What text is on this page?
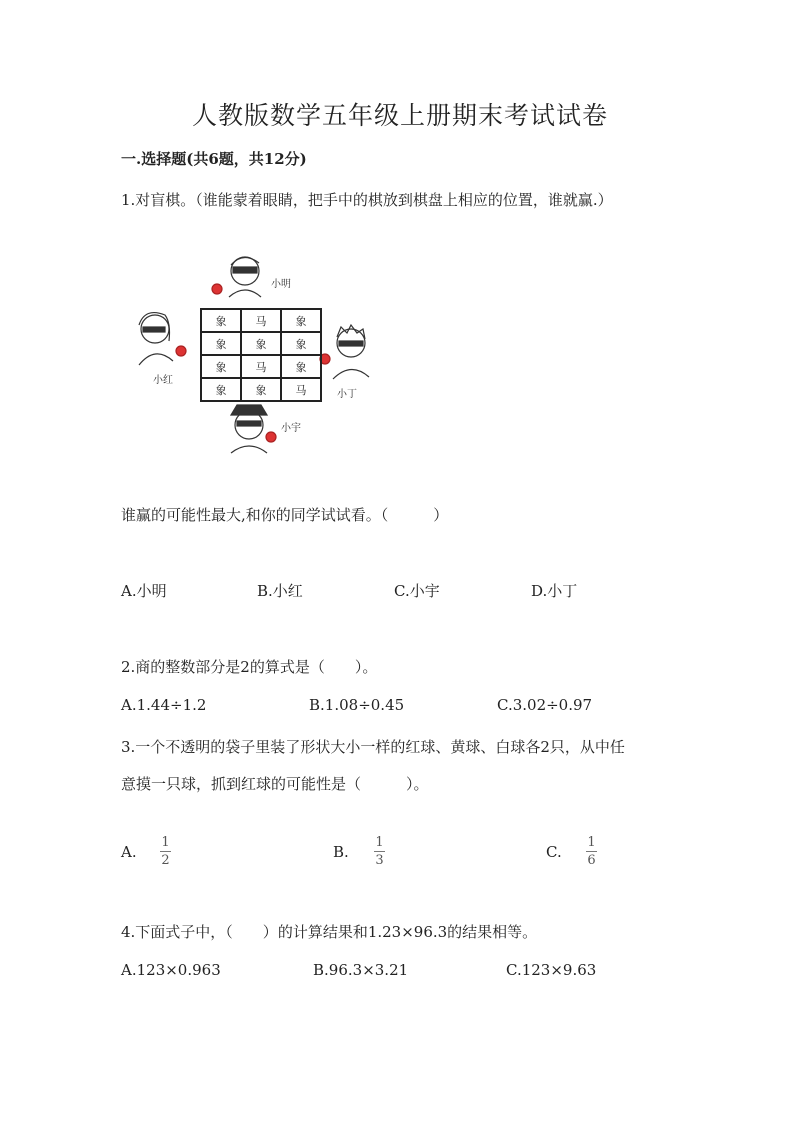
人教版数学五年级上册期末考试试卷
一.选择题(共6题，共12分)
1.对盲棋。（谁能蒙着眼睛，把手中的棋放到棋盘上相应的位置，谁就赢.）
象	马	象
象	象	象
象	马	象
象	象	马
小明
小红
小丁
小宇
谁赢的可能性最大,和你的同学试试看。（　　　）
A.小明	B.小红	C.小宇	D.小丁
2.商的整数部分是2的算式是（　　）。
A.1.44÷1.2	B.1.08÷0.45	C.3.02÷0.97
3.一个不透明的袋子里装了形状大小一样的红球、黄球、白球各2只，从中任
意摸一只球，抓到红球的可能性是（　　　）。
A.
1
2	B.
1
3	C.
1
6
4.下面式子中，（　　）的计算结果和1.23×96.3的结果相等。
A.123×0.963	B.96.3×3.21	C.123×9.63
